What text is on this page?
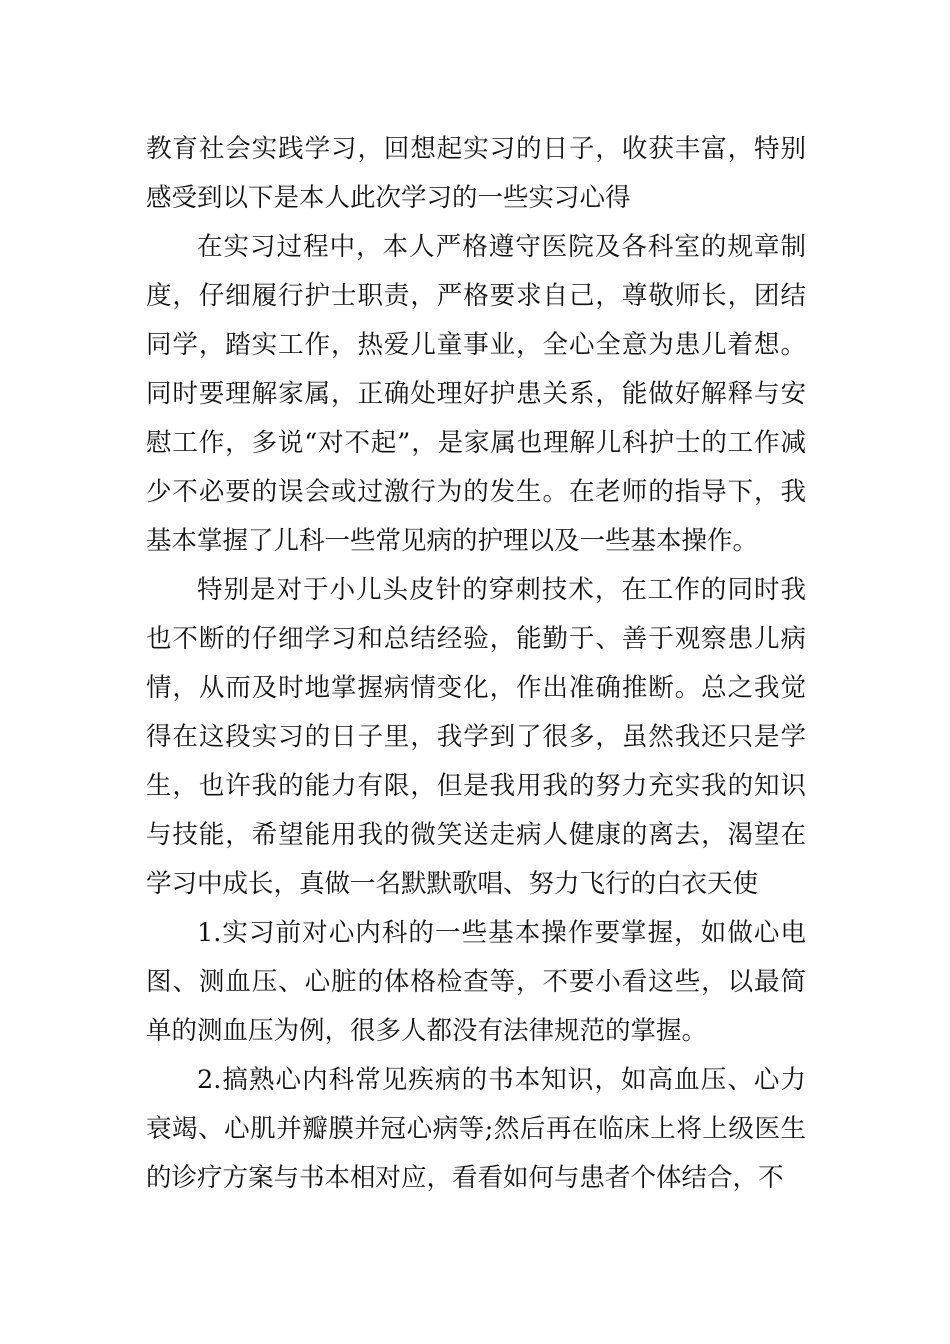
教育社会实践学习，回想起实习的日子，收获丰富，特别感受到以下是本人此次学习的一些实习心得

在实习过程中，本人严格遵守医院及各科室的规章制度，仔细履行护士职责，严格要求自己，尊敬师长，团结同学，踏实工作，热爱儿童事业，全心全意为患儿着想。同时要理解家属，正确处理好护患关系，能做好解释与安慰工作，多说“对不起”，是家属也理解儿科护士的工作减少不必要的误会或过激行为的发生。在老师的指导下，我基本掌握了儿科一些常见病的护理以及一些基本操作。

特别是对于小儿头皮针的穿刺技术，在工作的同时我也不断的仔细学习和总结经验，能勤于、善于观察患儿病情，从而及时地掌握病情变化，作出准确推断。总之我觉得在这段实习的日子里，我学到了很多，虽然我还只是学生，也许我的能力有限，但是我用我的努力充实我的知识与技能，希望能用我的微笑送走病人健康的离去，渴望在学习中成长，真做一名默默歌唱、努力飞行的白衣天使

1.实习前对心内科的一些基本操作要掌握，如做心电图、测血压、心脏的体格检查等，不要小看这些，以最简单的测血压为例，很多人都没有法律规范的掌握。

2.搞熟心内科常见疾病的书本知识，如高血压、心力衰竭、心肌并瓣膜并冠心病等;然后再在临床上将上级医生的诊疗方案与书本相对应，看看如何与患者个体结合，不
